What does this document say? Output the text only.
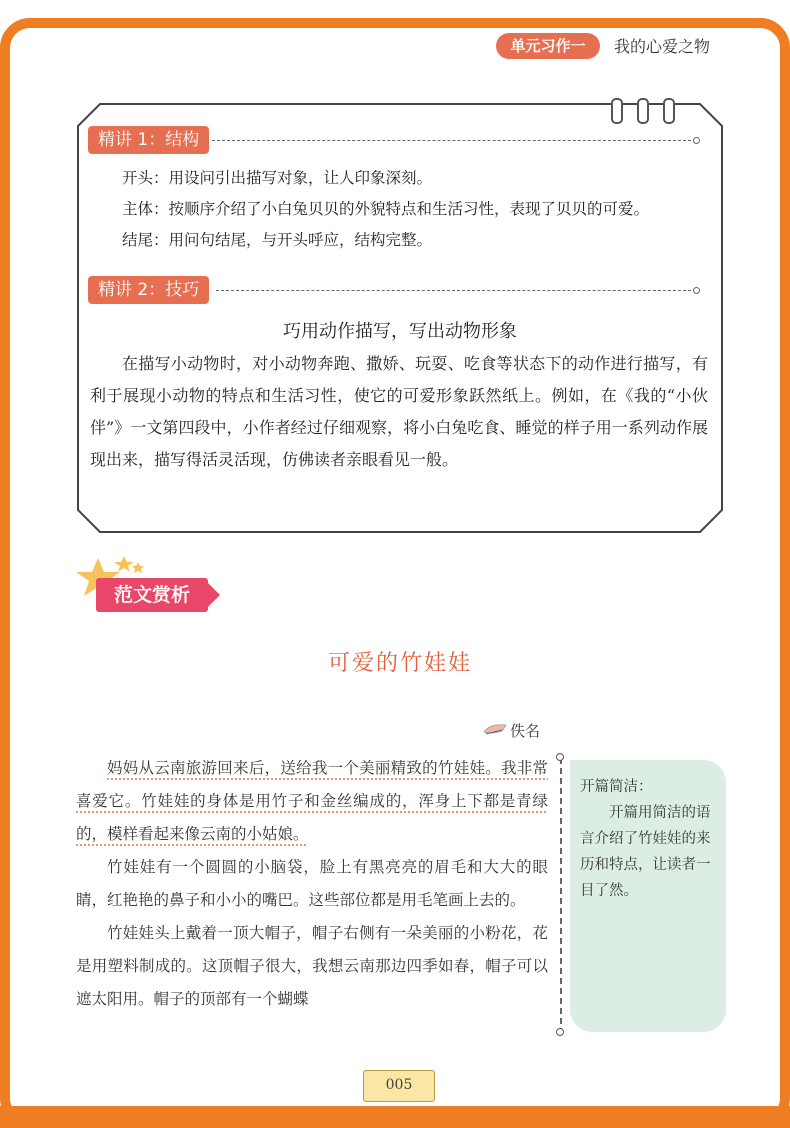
单元习作一	我的心爱之物
精讲 1：结构
开头：用设问引出描写对象，让人印象深刻。
主体：按顺序介绍了小白兔贝贝的外貌特点和生活习性，表现了贝贝的可爱。
结尾：用问句结尾，与开头呼应，结构完整。
精讲 2：技巧
巧用动作描写，写出动物形象
在描写小动物时，对小动物奔跑、撒娇、玩耍、吃食等状态下的动作进行描写，有利于展现小动物的特点和生活习性，使它的可爱形象跃然纸上。例如，在《我的“小伙伴”》一文第四段中，小作者经过仔细观察，将小白兔吃食、睡觉的样子用一系列动作展现出来，描写得活灵活现，仿佛读者亲眼看见一般。
范文赏析
可爱的竹娃娃
佚名

妈妈从云南旅游回来后，送给我一个美丽精致的竹娃娃。我非常喜爱它。竹娃娃的身体是用竹子和金丝编成的，浑身上下都是青绿的，模样看起来像云南的小姑娘。

竹娃娃有一个圆圆的小脑袋，脸上有黑亮亮的眉毛和大大的眼睛，红艳艳的鼻子和小小的嘴巴。这些部位都是用毛笔画上去的。

竹娃娃头上戴着一顶大帽子，帽子右侧有一朵美丽的小粉花，花是用塑料制成的。这顶帽子很大，我想云南那边四季如春，帽子可以遮太阳用。帽子的顶部有一个蝴蝶

开篇简洁：
开篇用简洁的语言介绍了竹娃娃的来历和特点，让读者一目了然。
005
